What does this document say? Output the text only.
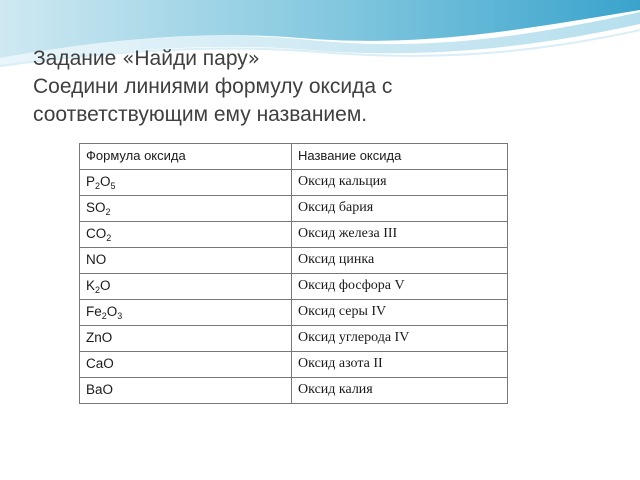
Задание «Найди пару»
Соедини линиями формулу оксида с
соответствующим ему названием.
Формула оксида	Название оксида
$P_2O_5$	Оксид кальция
$SO_2$	Оксид бария
$CO_2$	Оксид железа III
NO	Оксид цинка
$K_2O$	Оксид фосфора V
$Fe_2O_3$	Оксид серы IV
ZnO	Оксид углерода IV
CaO	Оксид азота II
BaO	Оксид калия
